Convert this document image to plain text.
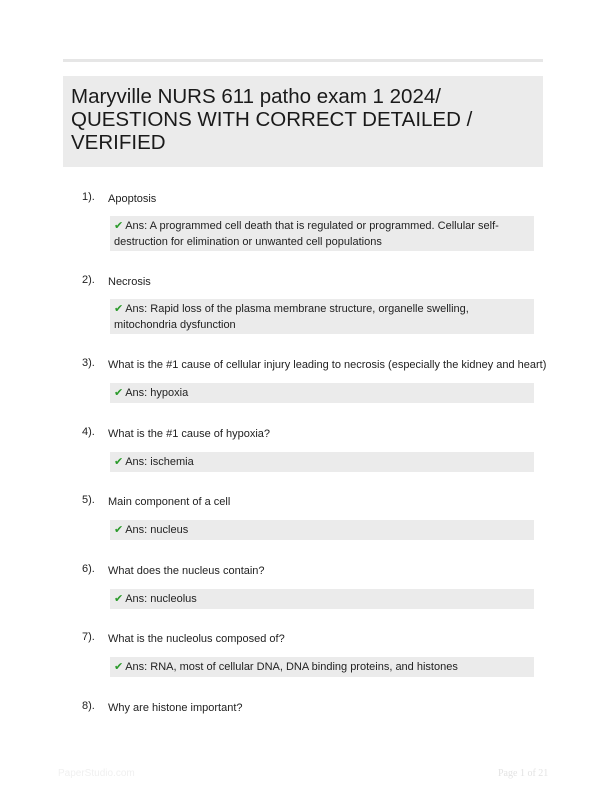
Maryville NURS 611 patho exam 1 2024/ QUESTIONS WITH CORRECT DETAILED / VERIFIED
1). Apoptosis
✔ Ans: A programmed cell death that is regulated or programmed. Cellular self-destruction for elimination or unwanted cell populations
2). Necrosis
✔ Ans: Rapid loss of the plasma membrane structure, organelle swelling, mitochondria dysfunction
3). What is the #1 cause of cellular injury leading to necrosis (especially the kidney and heart)
✔ Ans: hypoxia
4). What is the #1 cause of hypoxia?
✔ Ans: ischemia
5). Main component of a cell
✔ Ans: nucleus
6). What does the nucleus contain?
✔ Ans: nucleolus
7). What is the nucleolus composed of?
✔ Ans: RNA, most of cellular DNA, DNA binding proteins, and histones
8). Why are histone important?
PaperStudio.com	Page 1 of 21
